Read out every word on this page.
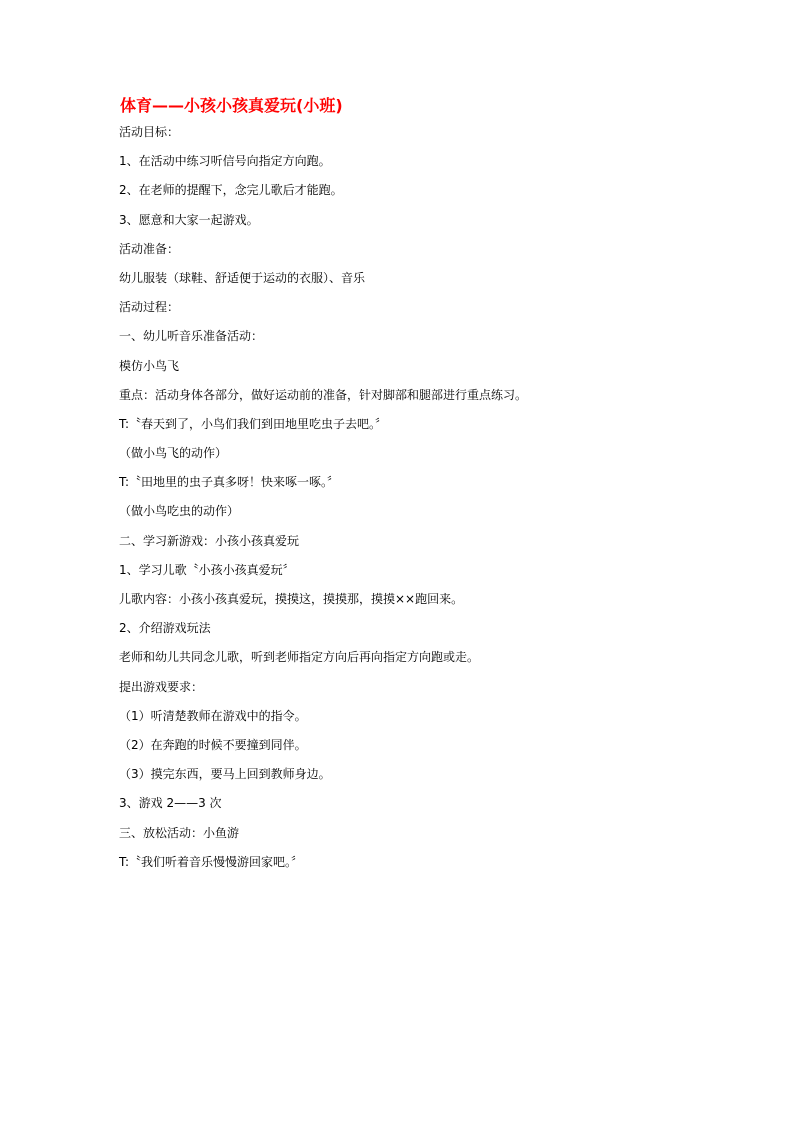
体育——小孩小孩真爱玩(小班)
活动目标：
1、在活动中练习听信号向指定方向跑。
2、在老师的提醒下，念完儿歌后才能跑。
3、愿意和大家一起游戏。
活动准备：
幼儿服装（球鞋、舒适便于运动的衣服）、音乐
活动过程：
一、幼儿听音乐准备活动：
模仿小鸟飞
重点：活动身体各部分，做好运动前的准备，针对脚部和腿部进行重点练习。
T:〝春天到了，小鸟们我们到田地里吃虫子去吧。〞
（做小鸟飞的动作）
T:〝田地里的虫子真多呀！快来啄一啄。〞
（做小鸟吃虫的动作）
二、学习新游戏：小孩小孩真爱玩
1、学习儿歌〝小孩小孩真爱玩〞
儿歌内容：小孩小孩真爱玩，摸摸这，摸摸那，摸摸××跑回来。
2、介绍游戏玩法
老师和幼儿共同念儿歌，听到老师指定方向后再向指定方向跑或走。
提出游戏要求：
（1）听清楚教师在游戏中的指令。
（2）在奔跑的时候不要撞到同伴。
（3）摸完东西，要马上回到教师身边。
3、游戏 2——3 次
三、放松活动：小鱼游
T:〝我们听着音乐慢慢游回家吧。〞
